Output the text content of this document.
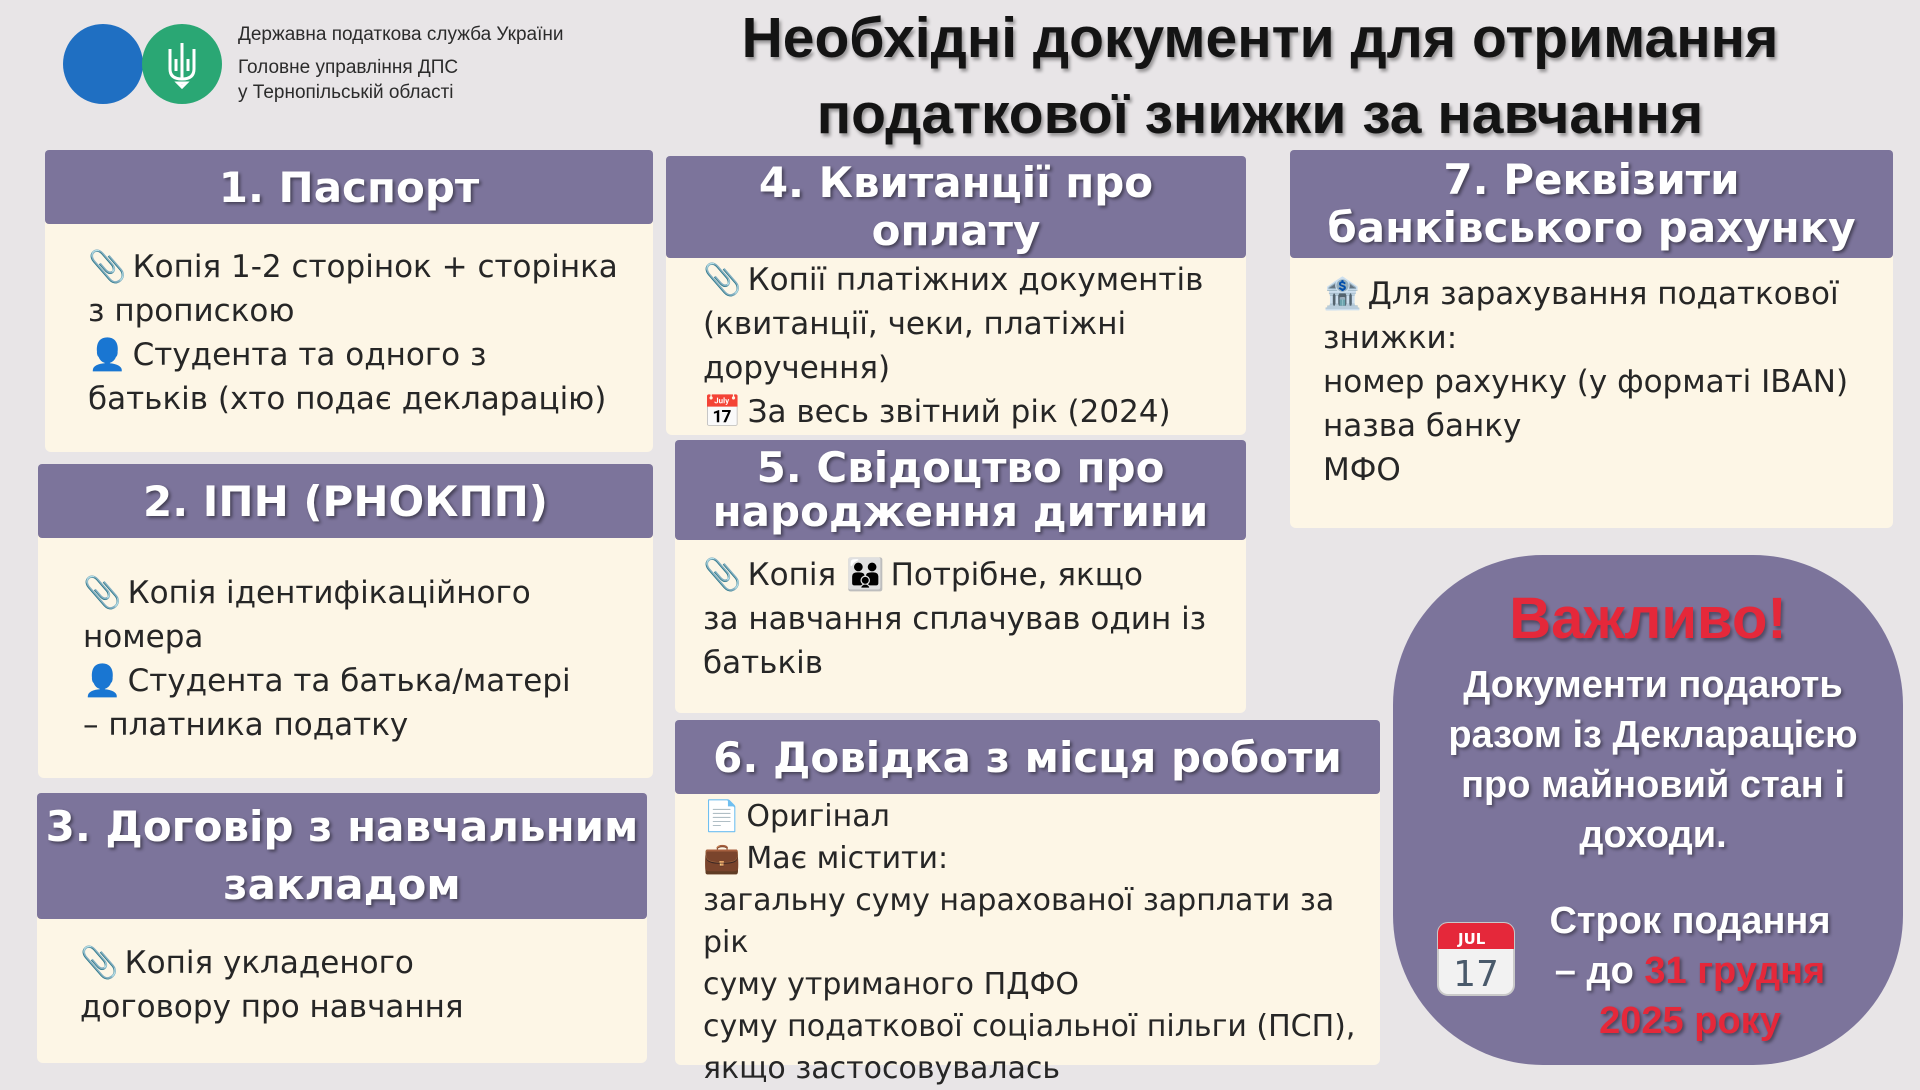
Державна податкова служба України
Головне управління ДПС
у Тернопільській області
Необхідні документи для отримання
податкової знижки за навчання
1. Паспорт

📎 Копія 1-2 сторінок + сторінка

з пропискою

👤 Студента та одного з

батьків (хто подає декларацію)

2. ІПН (РНОКПП)

📎 Копія ідентифікаційного

номера

👤 Студента та батька/матері

– платника податку

3. Договір з навчальним
закладом

📎 Копія укладеного

договору про навчання

4. Квитанції про
оплату

📎 Копії платіжних документів

(квитанції, чеки, платіжні

доручення)

📅 За весь звітний рік (2024)

5. Свідоцтво про
народження дитини

📎 Копія 👪 Потрібне, якщо

за навчання сплачував один із

батьків

6. Довідка з місця роботи

📄 Оригінал

💼 Має містити:

загальну суму нарахованої зарплати за рік

суму утриманого ПДФО

суму податкової соціальної пільги (ПСП),

якщо застосовувалась

7. Реквізити
банківського рахунку

🏦 Для зарахування податкової

знижки:

номер рахунку (у форматі IBAN)

назва банку

МФО

Важливо!
Документи подають
разом із Декларацією
про майновий стан і
доходи.
JUL
17
Строк подання
– до 31 грудня
2025 року
